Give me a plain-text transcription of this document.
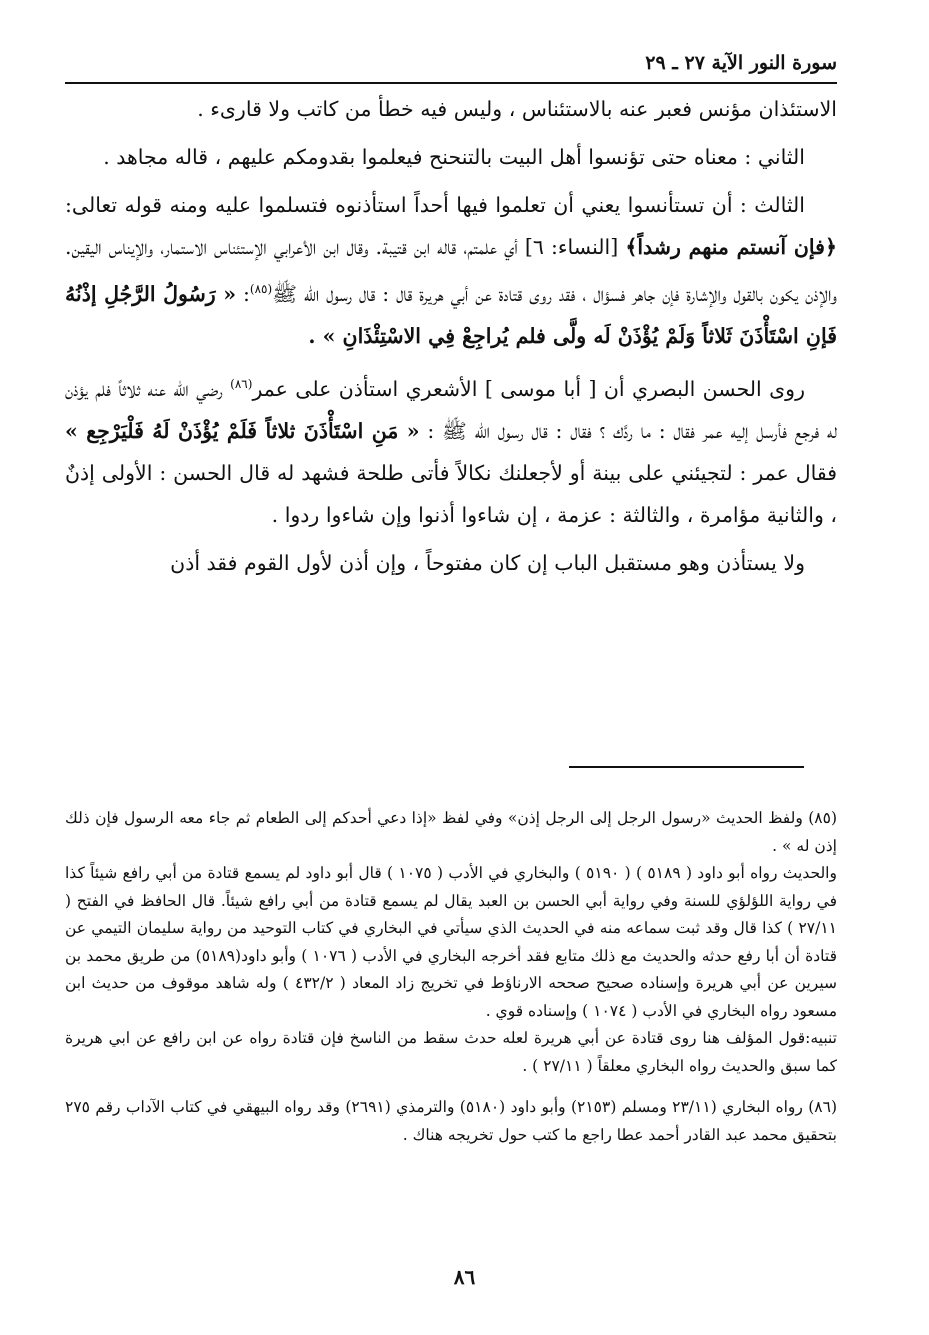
سورة النور الآية ٢٧ ـ ٢٩

الاستئذان مؤنس فعبر عنه بالاستئناس ، وليس فيه خطأ من كاتب ولا قارىء .

الثاني : معناه حتى تؤنسوا أهل البيت بالتنحنح فيعلموا بقدومكم عليهم ، قاله مجاهد .

الثالث : أن تستأنسوا يعني أن تعلموا فيها أحداً استأذنوه فتسلموا عليه ومنه قوله تعالى: ﴿فإن آنستم منهم رشداً﴾ [النساء: ٦] أي علمتم، قاله ابن قتيبة. وقال ابن الأعرابي الإستئناس الاستمار، والإيناس اليقين. والإذن يكون بالقول والإشارة فإن جاهر فسؤال ، فقد روى قتادة عن أبي هريرة قال : قال رسول الله ﷺ$^{(٨٥)}$: « رَسُولُ الرَّجُلِ إذْنُهُ فَإنِ اسْتَأْذَنَ ثَلاثاً وَلَمْ يُؤْذَنْ لَه ولَّى فلم يُراجِعْ فِي الاسْتِئْذَانِ » .

روى الحسن البصري أن [ أبا موسى ] الأشعري استأذن على عمر$^{(٨٦)}$ رضي الله عنه ثلاثاً فلم يؤذن له فرجع فأرسل إليه عمر فقال : ما ردَّك ؟ فقال : قال رسول الله ﷺ : « مَنِ اسْتَأْذَنَ ثلاثاً فَلَمْ يُؤْذَنْ لَهُ فَلْيَرْجِع » فقال عمر : لتجيئني على بينة أو لأجعلنك نكالاً فأتى طلحة فشهد له قال الحسن : الأولى إذنٌ ، والثانية مؤامرة ، والثالثة : عزمة ، إن شاءوا أذنوا وإن شاءوا ردوا .

ولا يستأذن وهو مستقبل الباب إن كان مفتوحاً ، وإن أذن لأول القوم فقد أذن

(٨٥) ولفظ الحديث «رسول الرجل إلى الرجل إذن» وفي لفظ «إذا دعي أحدكم إلى الطعام ثم جاء معه الرسول فإن ذلك إذن له » .

والحديث رواه أبو داود ( ٥١٨٩ ) ( ٥١٩٠ ) والبخاري في الأدب ( ١٠٧٥ ) قال أبو داود لم يسمع قتادة من أبي رافع شيئاً كذا في رواية اللؤلؤي للسنة وفي رواية أبي الحسن بن العبد يقال لم يسمع قتادة من أبي رافع شيئاً. قال الحافظ في الفتح ( ٢٧/١١ ) كذا قال وقد ثبت سماعه منه في الحديث الذي سيأتي في البخاري في كتاب التوحيد من رواية سليمان التيمي عن قتادة أن أبا رفع حدثه والحديث مع ذلك متابع فقد أخرجه البخاري في الأدب ( ١٠٧٦ ) وأبو داود(٥١٨٩) من طريق محمد بن سيرين عن أبي هريرة وإسناده صحيح صححه الارناؤط في تخريج زاد المعاد ( ٤٣٢/٢ ) وله شاهد موقوف من حديث ابن مسعود رواه البخاري في الأدب ( ١٠٧٤ ) وإسناده قوي .

تنبيه:قول المؤلف هنا روى قتادة عن أبي هريرة لعله حدث سقط من الناسخ فإن قتادة رواه عن ابن رافع عن ابي هريرة كما سبق والحديث رواه البخاري معلقاً ( ٢٧/١١ ) .

(٨٦) رواه البخاري (٢٣/١١ ومسلم (٢١٥٣) وأبو داود (٥١٨٠) والترمذي (٢٦٩١) وقد رواه البيهقي في كتاب الآداب رقم ٢٧٥ بتحقيق محمد عبد القادر أحمد عطا راجع ما كتب حول تخريجه هناك .

٨٦
